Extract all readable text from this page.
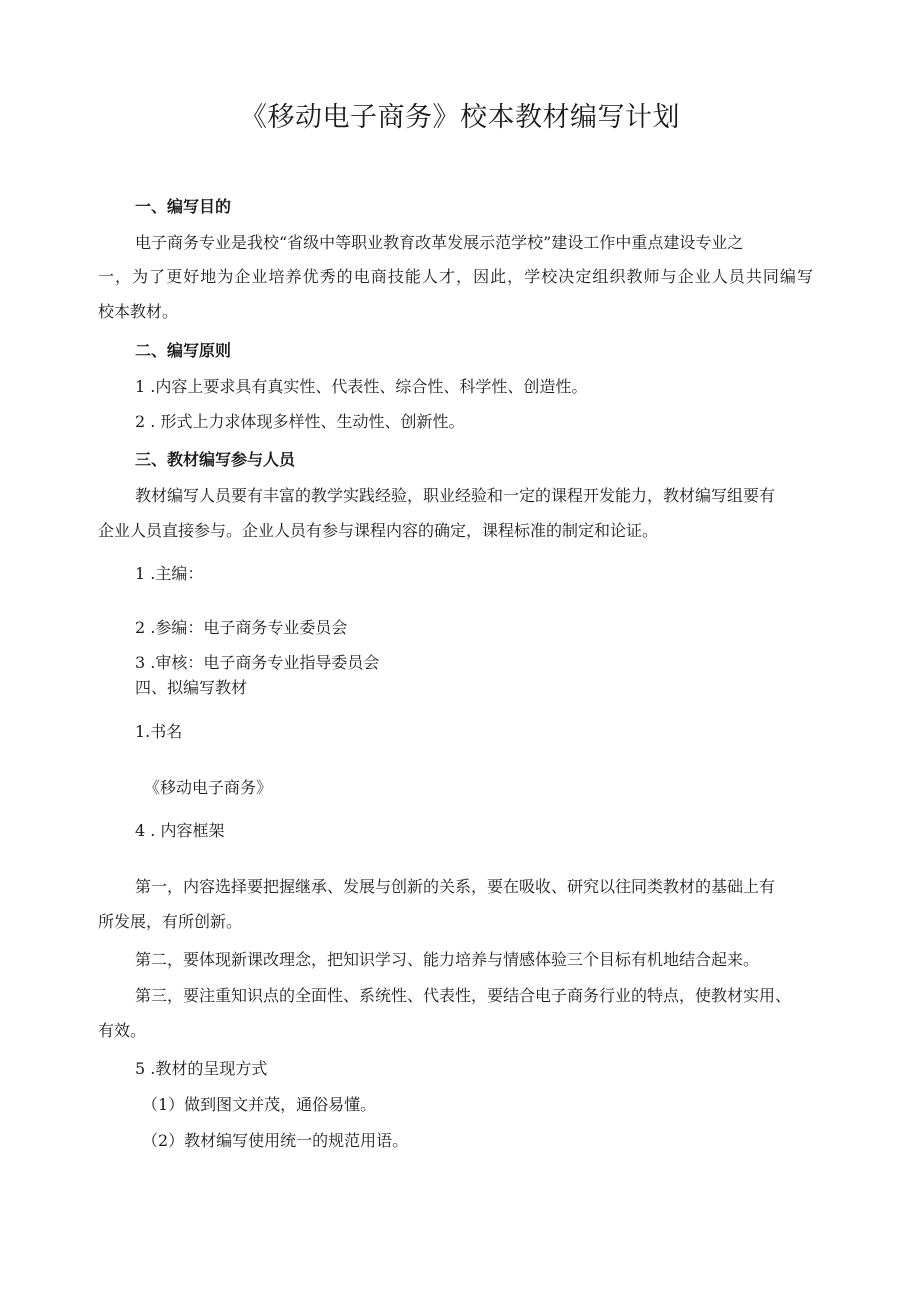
《移动电子商务》校本教材编写计划
一、编写目的
电子商务专业是我校“省级中等职业教育改革发展示范学校”建设工作中重点建设专业之
一，为了更好地为企业培养优秀的电商技能人才，因此，学校决定组织教师与企业人员共同编写
校本教材。
二、编写原则
1 .内容上要求具有真实性、代表性、综合性、科学性、创造性。
2 . 形式上力求体现多样性、生动性、创新性。
三、教材编写参与人员
教材编写人员要有丰富的教学实践经验，职业经验和一定的课程开发能力，教材编写组要有
企业人员直接参与。企业人员有参与课程内容的确定，课程标准的制定和论证。
1 .主编：
2 .参编：电子商务专业委员会
3 .审核：电子商务专业指导委员会
四、拟编写教材
1.书名
《移动电子商务》
4 . 内容框架
第一，内容选择要把握继承、发展与创新的关系，要在吸收、研究以往同类教材的基础上有
所发展，有所创新。
第二，要体现新课改理念，把知识学习、能力培养与情感体验三个目标有机地结合起来。
第三，要注重知识点的全面性、系统性、代表性，要结合电子商务行业的特点，使教材实用、
有效。
5 .教材的呈现方式
（1）做到图文并茂，通俗易懂。
（2）教材编写使用统一的规范用语。
